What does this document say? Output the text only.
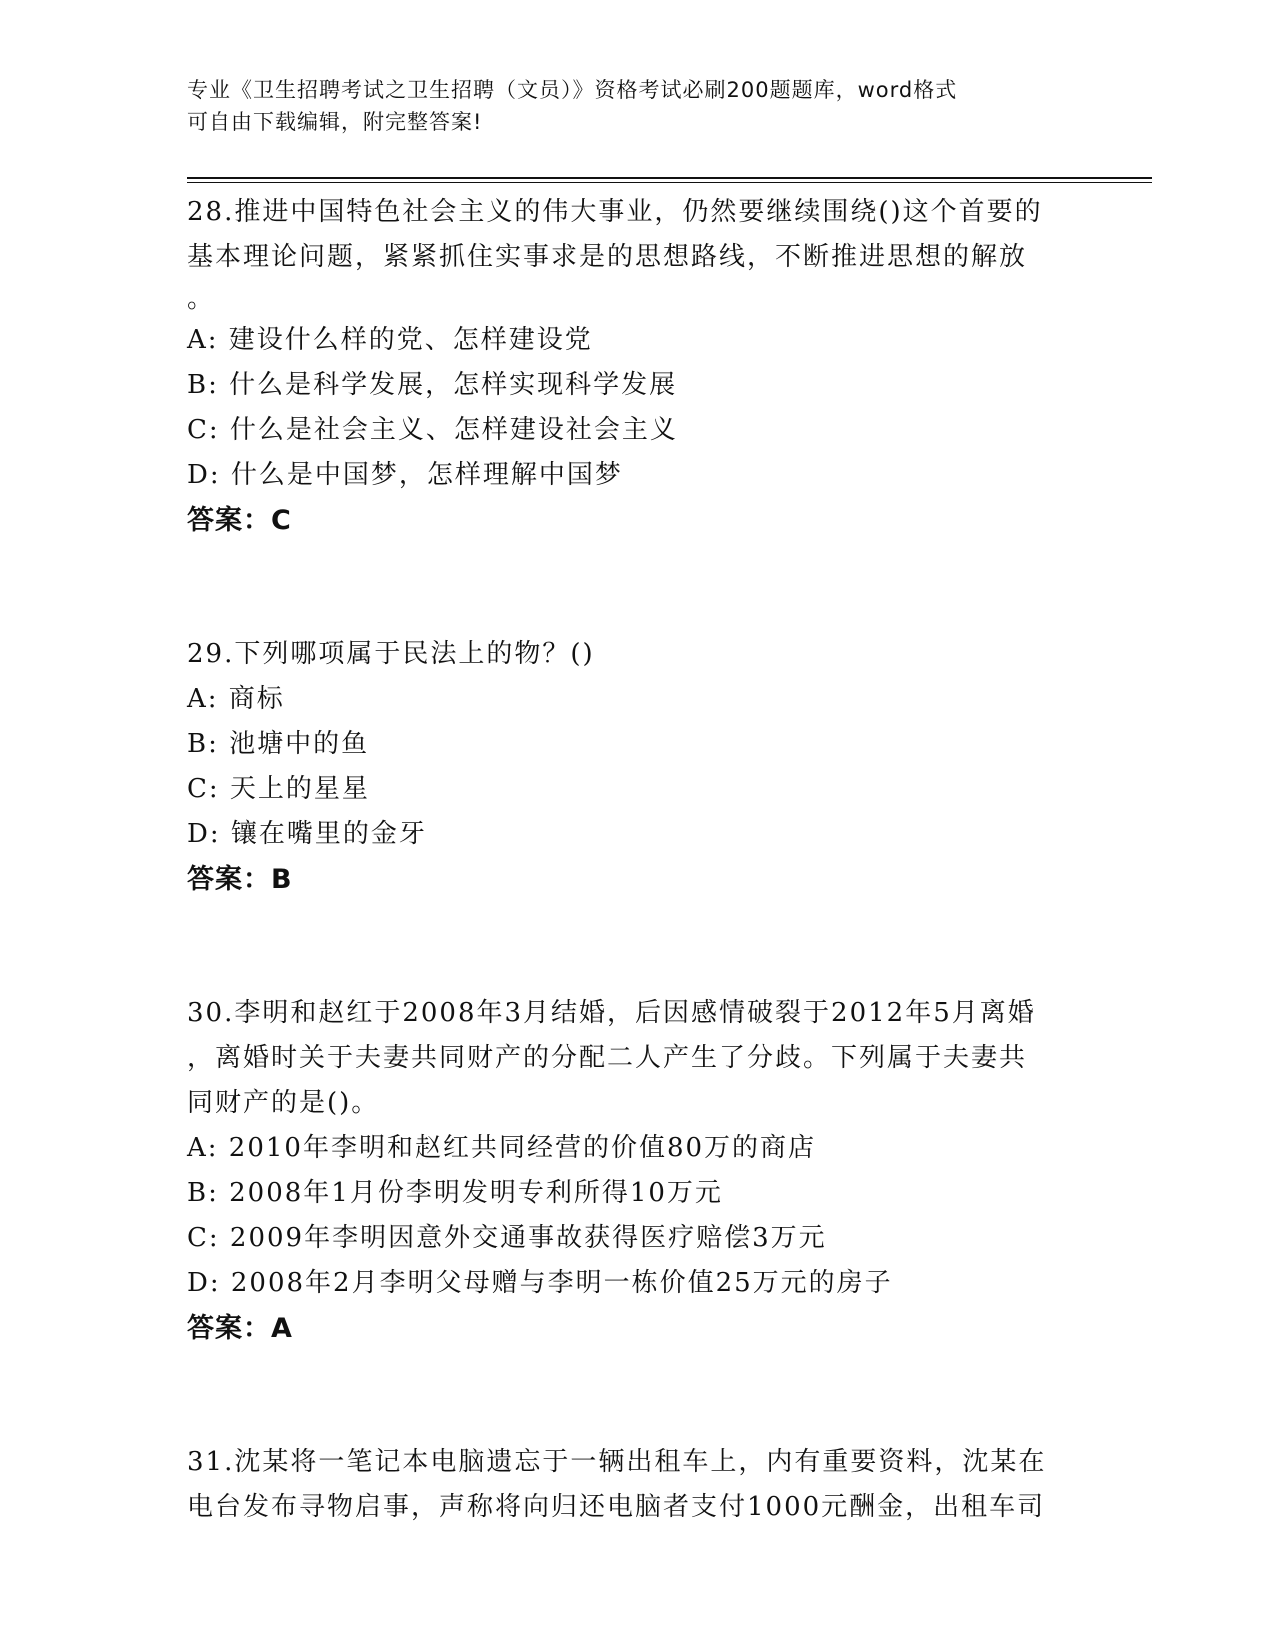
专业《卫生招聘考试之卫生招聘（文员）》资格考试必刷200题题库，word格式
可自由下载编辑，附完整答案!
28.推进中国特色社会主义的伟大事业，仍然要继续围绕()这个首要的
基本理论问题，紧紧抓住实事求是的思想路线，不断推进思想的解放
。
A: 建设什么样的党、怎样建设党
B: 什么是科学发展，怎样实现科学发展
C: 什么是社会主义、怎样建设社会主义
D: 什么是中国梦，怎样理解中国梦
答案：C
29.下列哪项属于民法上的物？()
A: 商标
B: 池塘中的鱼
C: 天上的星星
D: 镶在嘴里的金牙
答案：B
30.李明和赵红于2008年3月结婚，后因感情破裂于2012年5月离婚
，离婚时关于夫妻共同财产的分配二人产生了分歧。下列属于夫妻共
同财产的是()。
A: 2010年李明和赵红共同经营的价值80万的商店
B: 2008年1月份李明发明专利所得10万元
C: 2009年李明因意外交通事故获得医疗赔偿3万元
D: 2008年2月李明父母赠与李明一栋价值25万元的房子
答案：A
31.沈某将一笔记本电脑遗忘于一辆出租车上，内有重要资料，沈某在
电台发布寻物启事，声称将向归还电脑者支付1000元酬金，出租车司
